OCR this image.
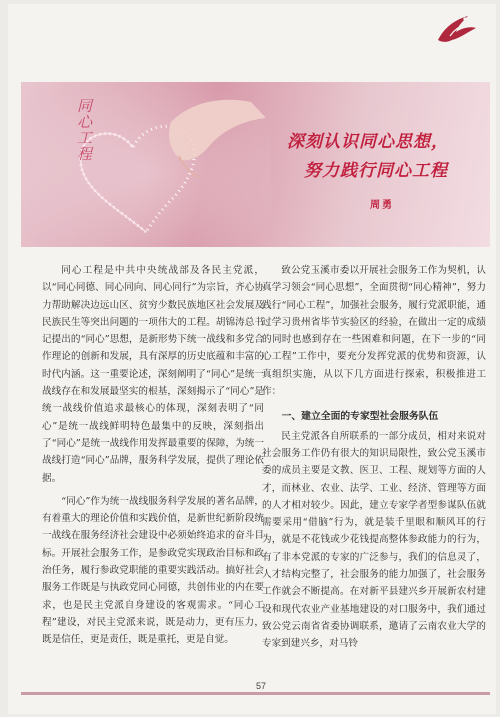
同心工程	深刻认识同心思想，
努力践行同心工程
周勇

同心工程是中共中央统战部及各民主党派，以“同心同德、同心同向、同心同行”为宗旨，齐心协力帮助解决边远山区、贫穷少数民族地区社会发展及民族民生等突出问题的一项伟大的工程。胡锦涛总书记提出的“同心”思想，是新形势下统一战线和多党合作理论的创新和发展，具有深厚的历史底蕴和丰富的时代内涵。这一重要论述，深刻阐明了“同心”是统一战线存在和发展最坚实的根基，深刻揭示了“同心”是统一战线价值追求最核心的体现，深刻表明了“同心”是统一战线鲜明特色最集中的反映，深刻指出了“同心”是统一战线作用发挥最重要的保障，为统一战线打造“同心”品牌，服务科学发展，提供了理论依据。

“同心”作为统一战线服务科学发展的著名品牌，有着重大的理论价值和实践价值，是新世纪新阶段统一战线在服务经济社会建设中必须始终追求的奋斗目标。开展社会服务工作，是参政党实现政治目标和政治任务，履行参政党职能的重要实践活动。搞好社会服务工作既是与执政党同心同德，共创伟业的内在要求，也是民主党派自身建设的客观需求。“同心工程”建设，对民主党派来说，既是动力，更有压力，既是信任，更是责任，既是重托，更是自觉。

致公党玉溪市委以开展社会服务工作为契机，认真学习领会“同心思想”，全面贯彻“同心精神”，努力践行“同心工程”，加强社会服务，履行党派职能，通过学习贵州省毕节实验区的经验，在做出一定的成绩的同时也感到存在一些困难和问题，在下一步的“同心工程”工作中，要充分发挥党派的优势和资源，认真组织实施，从以下几方面进行探索，积极推进工作：

一、建立全面的专家型社会服务队伍

民主党派各自所联系的一部分成员，相对来说对社会服务工作仍有很大的知识局限性，致公党玉溪市委的成员主要是文教、医卫、工程、规划等方面的人才，而林业、农业、法学、工业、经济、管理等方面的人才相对较少。因此，建立专家学者型参谋队伍就需要采用“借脑”行为，就是装千里眼和顺风耳的行为，就是不花钱或少花钱提高整体参政能力的行为，有了非本党派的专家的广泛参与，我们的信息灵了，人才结构完整了，社会服务的能力加强了，社会服务工作就会不断提高。在对新平县建兴乡开展新农村建设和现代农业产业基地建设的对口服务中，我们通过致公党云南省省委协调联系，邀请了云南农业大学的专家到建兴乡，对马铃

57
